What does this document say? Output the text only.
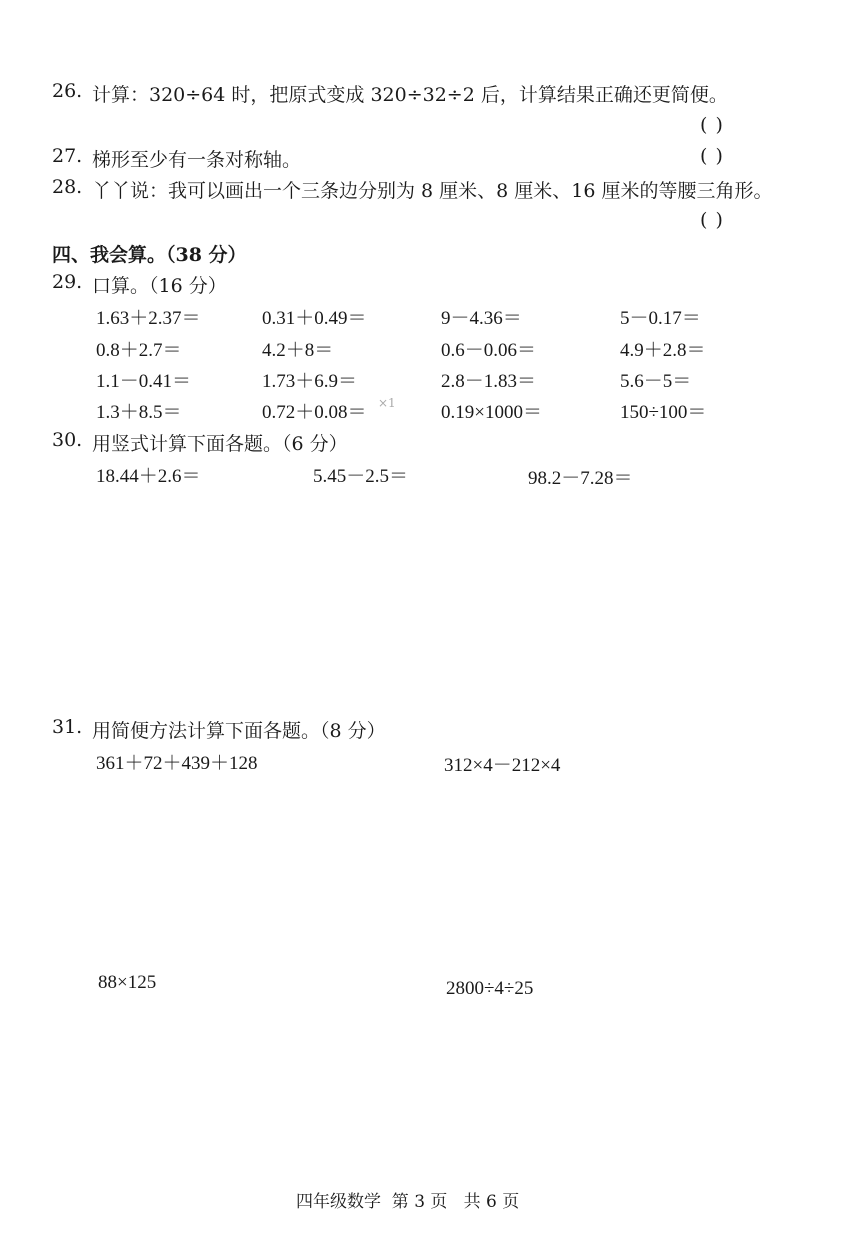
26. 计算：320÷64 时，把原式变成 320÷32÷2 后，计算结果正确还更简便。
( )
27. 梯形至少有一条对称轴。	( )
28. 丫丫说：我可以画出一个三条边分别为 8 厘米、8 厘米、16 厘米的等腰三角形。
( )
四、我会算。（38 分）
29. 口算。（16 分）
1.63＋2.37＝	0.31＋0.49＝	9－4.36＝	5－0.17＝
0.8＋2.7＝	4.2＋8＝	0.6－0.06＝	4.9＋2.8＝
1.1－0.41＝	1.73＋6.9＝	2.8－1.83＝	5.6－5＝
1.3＋8.5＝	0.72＋0.08＝	0.19×1000＝	150÷100＝
×1
30. 用竖式计算下面各题。（6 分）
18.44＋2.6＝	5.45－2.5＝	98.2－7.28＝
31. 用简便方法计算下面各题。（8 分）
361＋72＋439＋128	312×4－212×4
88×125	2800÷4÷25
四年级数学  第 3 页   共 6 页
